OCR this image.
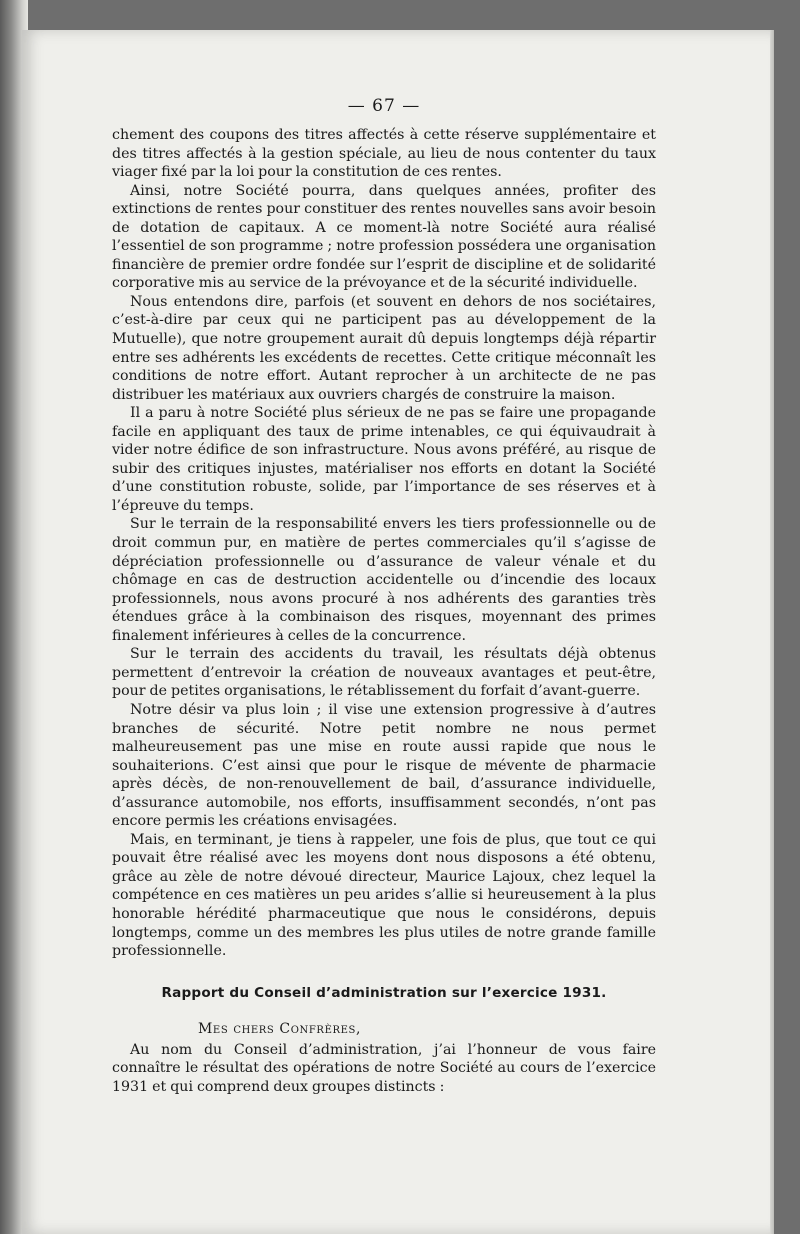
— 67 —

chement des coupons des titres affectés à cette réserve supplémentaire et des titres affectés à la gestion spéciale, au lieu de nous contenter du taux viager fixé par la loi pour la constitution de ces rentes.

Ainsi, notre Société pourra, dans quelques années, profiter des extinctions de rentes pour constituer des rentes nouvelles sans avoir besoin de dotation de capitaux. A ce moment-là notre Société aura réalisé l’essentiel de son programme ; notre profession possédera une organisation financière de premier ordre fondée sur l’esprit de discipline et de solidarité corporative mis au service de la prévoyance et de la sécurité individuelle.

Nous entendons dire, parfois (et souvent en dehors de nos sociétaires, c’est-à-dire par ceux qui ne participent pas au développement de la Mutuelle), que notre groupement aurait dû depuis longtemps déjà répartir entre ses adhérents les excédents de recettes. Cette critique méconnaît les conditions de notre effort. Autant reprocher à un architecte de ne pas distribuer les matériaux aux ouvriers chargés de construire la maison.

Il a paru à notre Société plus sérieux de ne pas se faire une propagande facile en appliquant des taux de prime intenables, ce qui équivaudrait à vider notre édifice de son infrastructure. Nous avons préféré, au risque de subir des critiques injustes, matérialiser nos efforts en dotant la Société d’une constitution robuste, solide, par l’importance de ses réserves et à l’épreuve du temps.

Sur le terrain de la responsabilité envers les tiers professionnelle ou de droit commun pur, en matière de pertes commerciales qu’il s’agisse de dépréciation professionnelle ou d’assurance de valeur vénale et du chômage en cas de destruction accidentelle ou d’incendie des locaux professionnels, nous avons procuré à nos adhérents des garanties très étendues grâce à la combinaison des risques, moyennant des primes finalement inférieures à celles de la concurrence.

Sur le terrain des accidents du travail, les résultats déjà obtenus permettent d’entrevoir la création de nouveaux avantages et peut-être, pour de petites organisations, le rétablissement du forfait d’avant-guerre.

Notre désir va plus loin ; il vise une extension progressive à d’autres branches de sécurité. Notre petit nombre ne nous permet malheureusement pas une mise en route aussi rapide que nous le souhaiterions. C’est ainsi que pour le risque de mévente de pharmacie après décès, de non-renouvellement de bail, d’assurance individuelle, d’assurance automobile, nos efforts, insuffisamment secondés, n’ont pas encore permis les créations envisagées.

Mais, en terminant, je tiens à rappeler, une fois de plus, que tout ce qui pouvait être réalisé avec les moyens dont nous disposons a été obtenu, grâce au zèle de notre dévoué directeur, Maurice Lajoux, chez lequel la compétence en ces matières un peu arides s’allie si heureusement à la plus honorable hérédité pharmaceutique que nous le considérons, depuis longtemps, comme un des membres les plus utiles de notre grande famille professionnelle.

Rapport du Conseil d’administration sur l’exercice 1931.
Mes chers Confrères,

Au nom du Conseil d’administration, j’ai l’honneur de vous faire connaître le résultat des opérations de notre Société au cours de l’exercice 1931 et qui comprend deux groupes distincts :
